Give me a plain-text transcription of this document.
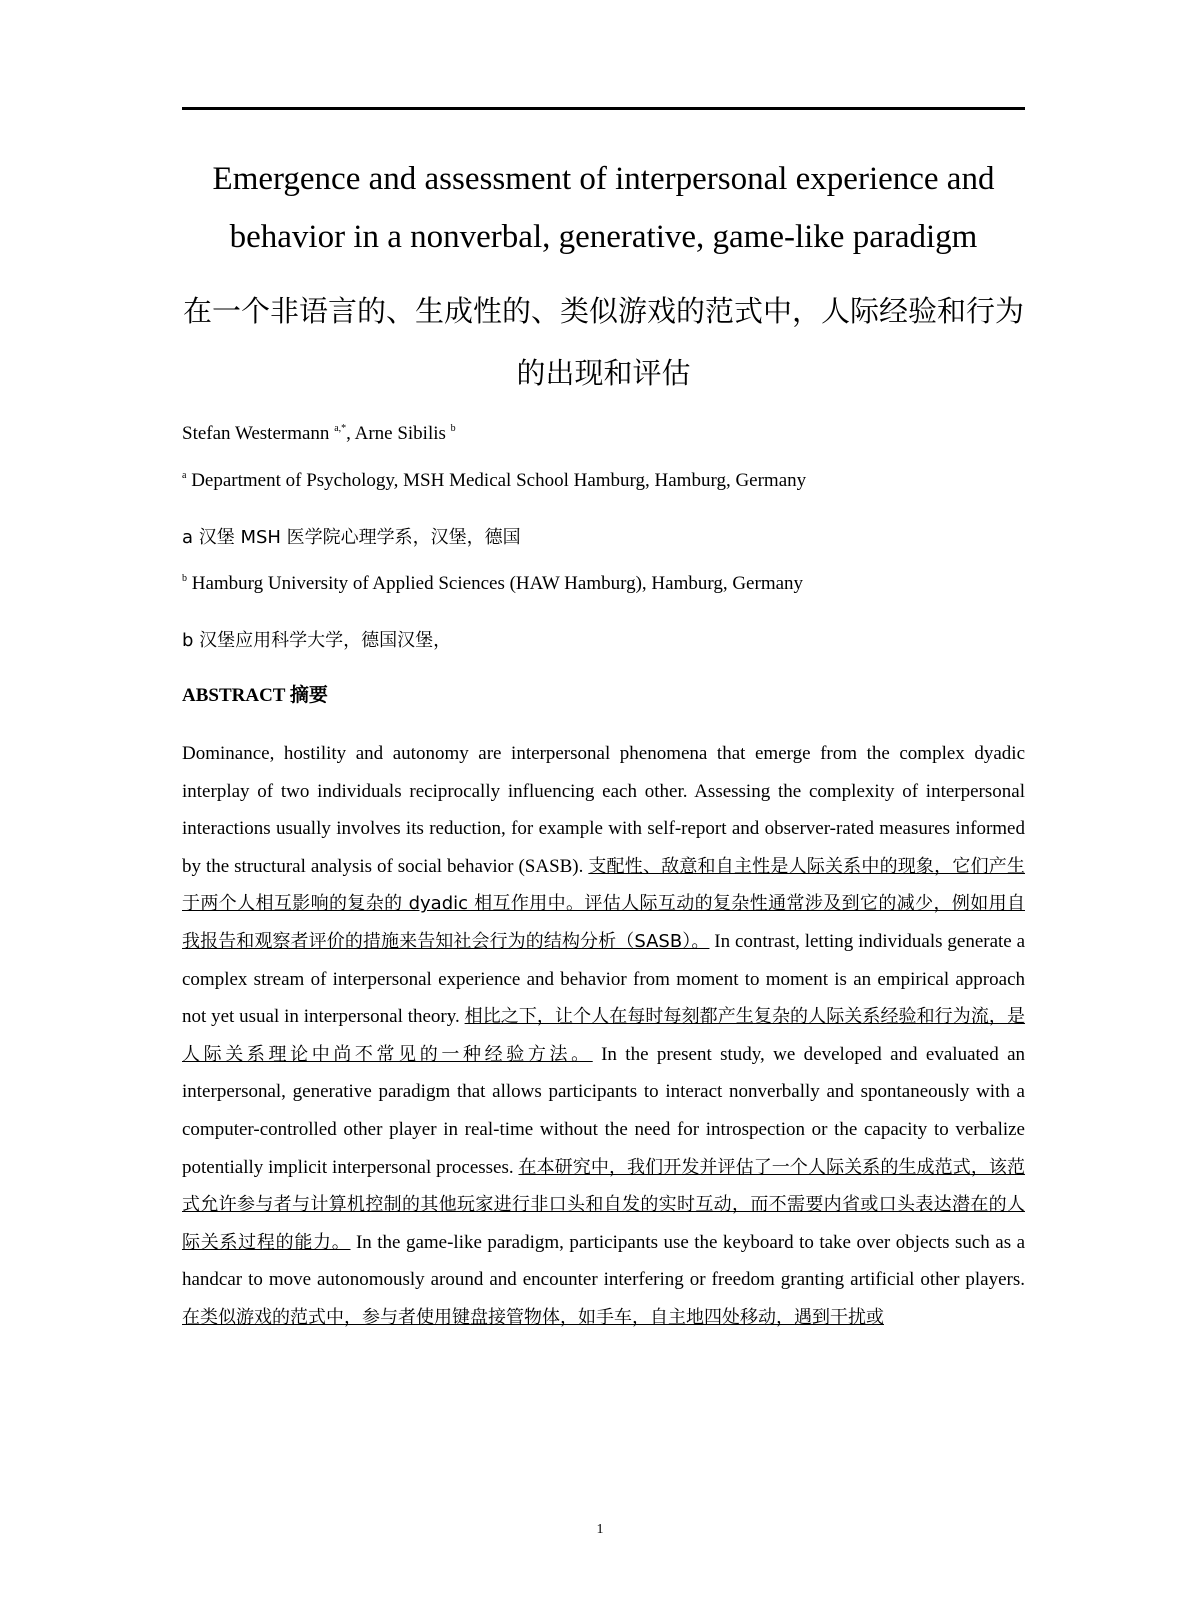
Emergence and assessment of interpersonal experience and behavior in a nonverbal, generative, game-like paradigm
在一个非语言的、生成性的、类似游戏的范式中，人际经验和行为的出现和评估
Stefan Westermann $^{a,*}$, Arne Sibilis $^b$
$^a$ Department of Psychology, MSH Medical School Hamburg, Hamburg, Germany
a 汉堡 MSH 医学院心理学系，汉堡，德国
$^b$ Hamburg University of Applied Sciences (HAW Hamburg), Hamburg, Germany
b 汉堡应用科学大学，德国汉堡，
ABSTRACT 摘要
Dominance, hostility and autonomy are interpersonal phenomena that emerge from the complex dyadic interplay of two individuals reciprocally influencing each other. Assessing the complexity of interpersonal interactions usually involves its reduction, for example with self-report and observer-rated measures informed by the structural analysis of social behavior (SASB). 支配性、敌意和自主性是人际关系中的现象，它们产生于两个人相互影响的复杂的 dyadic 相互作用中。评估人际互动的复杂性通常涉及到它的减少，例如用自我报告和观察者评价的措施来告知社会行为的结构分析（SASB）。 In contrast, letting individuals generate a complex stream of interpersonal experience and behavior from moment to moment is an empirical approach not yet usual in interpersonal theory. 相比之下，让个人在每时每刻都产生复杂的人际关系经验和行为流，是人际关系理论中尚不常见的一种经验方法。 In the present study, we developed and evaluated an interpersonal, generative paradigm that allows participants to interact nonverbally and spontaneously with a computer-controlled other player in real-time without the need for introspection or the capacity to verbalize potentially implicit interpersonal processes. 在本研究中，我们开发并评估了一个人际关系的生成范式，该范式允许参与者与计算机控制的其他玩家进行非口头和自发的实时互动，而不需要内省或口头表达潜在的人际关系过程的能力。 In the game-like paradigm, participants use the keyboard to take over objects such as a handcar to move autonomously around and encounter interfering or freedom granting artificial other players. 在类似游戏的范式中，参与者使用键盘接管物体，如手车，自主地四处移动，遇到干扰或
1
